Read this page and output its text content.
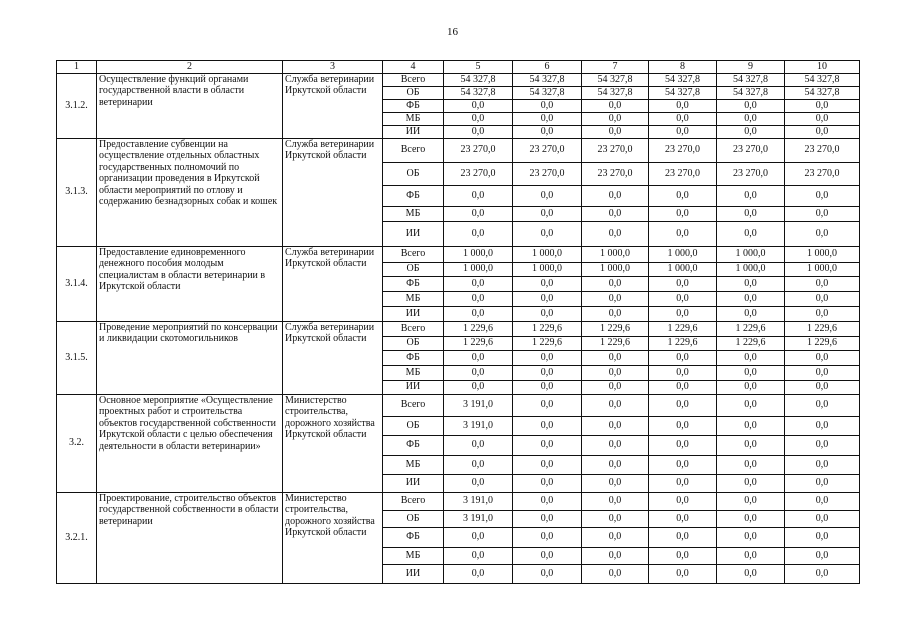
16
1	2	3	4	5	6	7	8	9	10
3.1.2.	Осуществление функций органами государственной власти в области ветеринарии	Служба ветеринарии Иркутской области	Всего	54 327,8	54 327,8	54 327,8	54 327,8	54 327,8	54 327,8
			ОБ	54 327,8	54 327,8	54 327,8	54 327,8	54 327,8	54 327,8
			ФБ	0,0	0,0	0,0	0,0	0,0	0,0
			МБ	0,0	0,0	0,0	0,0	0,0	0,0
			ИИ	0,0	0,0	0,0	0,0	0,0	0,0
3.1.3.	Предоставление субвенции на осуществление отдельных областных государственных полномочий по организации проведения в Иркутской области мероприятий по отлову и содержанию безнадзорных собак и кошек	Служба ветеринарии Иркутской области	Всего	23 270,0	23 270,0	23 270,0	23 270,0	23 270,0	23 270,0
			ОБ	23 270,0	23 270,0	23 270,0	23 270,0	23 270,0	23 270,0
			ФБ	0,0	0,0	0,0	0,0	0,0	0,0
			МБ	0,0	0,0	0,0	0,0	0,0	0,0
			ИИ	0,0	0,0	0,0	0,0	0,0	0,0
3.1.4.	Предоставление единовременного денежного пособия молодым специалистам в области ветеринарии в Иркутской области	Служба ветеринарии Иркутской области	Всего	1 000,0	1 000,0	1 000,0	1 000,0	1 000,0	1 000,0
			ОБ	1 000,0	1 000,0	1 000,0	1 000,0	1 000,0	1 000,0
			ФБ	0,0	0,0	0,0	0,0	0,0	0,0
			МБ	0,0	0,0	0,0	0,0	0,0	0,0
			ИИ	0,0	0,0	0,0	0,0	0,0	0,0
3.1.5.	Проведение мероприятий по консервации и ликвидации скотомогильников	Служба ветеринарии Иркутской области	Всего	1 229,6	1 229,6	1 229,6	1 229,6	1 229,6	1 229,6
			ОБ	1 229,6	1 229,6	1 229,6	1 229,6	1 229,6	1 229,6
			ФБ	0,0	0,0	0,0	0,0	0,0	0,0
			МБ	0,0	0,0	0,0	0,0	0,0	0,0
			ИИ	0,0	0,0	0,0	0,0	0,0	0,0
3.2.	Основное мероприятие «Осуществление проектных работ и строительства объектов государственной собственности Иркутской области с целью обеспечения деятельности в области ветеринарии»	Министерство строительства, дорожного хозяйства Иркутской области	Всего	3 191,0	0,0	0,0	0,0	0,0	0,0
			ОБ	3 191,0	0,0	0,0	0,0	0,0	0,0
			ФБ	0,0	0,0	0,0	0,0	0,0	0,0
			МБ	0,0	0,0	0,0	0,0	0,0	0,0
			ИИ	0,0	0,0	0,0	0,0	0,0	0,0
3.2.1.	Проектирование, строительство объектов государственной собственности в области ветеринарии	Министерство строительства, дорожного хозяйства Иркутской области	Всего	3 191,0	0,0	0,0	0,0	0,0	0,0
			ОБ	3 191,0	0,0	0,0	0,0	0,0	0,0
			ФБ	0,0	0,0	0,0	0,0	0,0	0,0
			МБ	0,0	0,0	0,0	0,0	0,0	0,0
			ИИ	0,0	0,0	0,0	0,0	0,0	0,0
